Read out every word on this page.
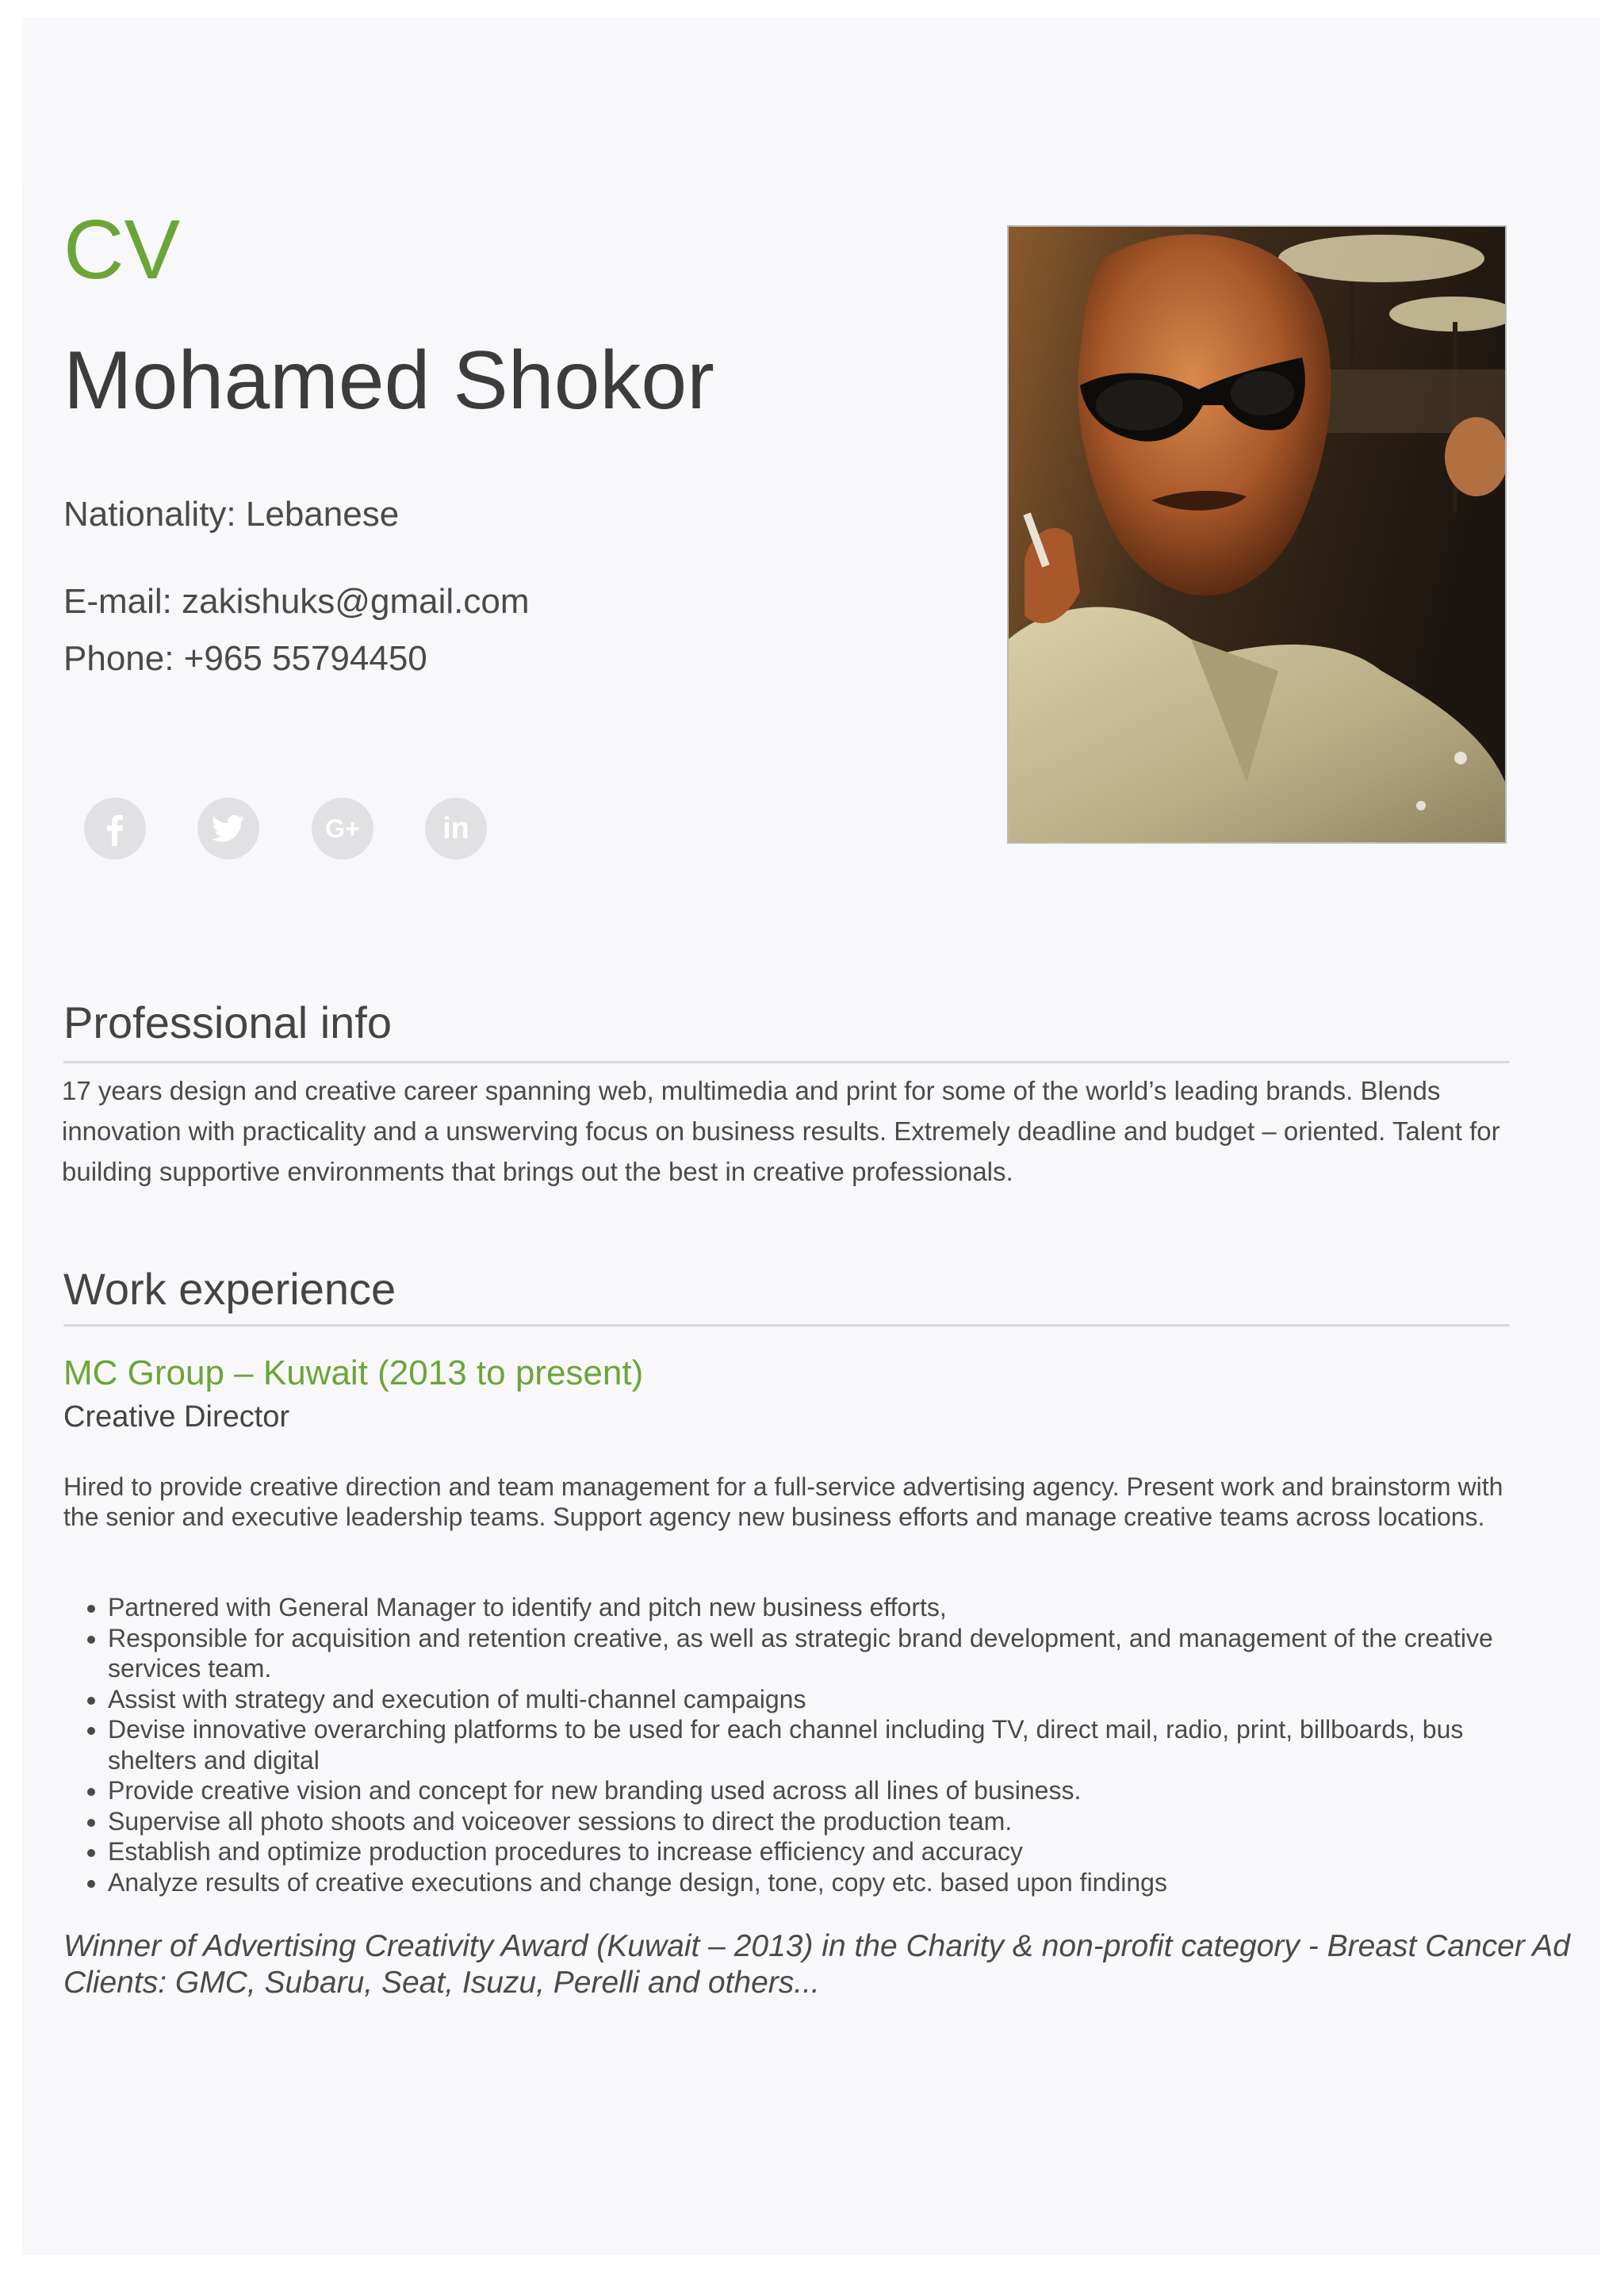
CV
Mohamed Shokor
Nationality: Lebanese
E-mail: zakishuks@gmail.com
Phone: +965 55794450
G+	in
Professional info

17 years design and creative career spanning web, multimedia and print for some of the world’s leading brands. Blends innovation with practicality and a unswerving focus on business results. Extremely deadline and budget – oriented. Talent for building supportive environments that brings out the best in creative professionals.

Work experience
MC Group – Kuwait (2013 to present)
Creative Director

Hired to provide creative direction and team management for a full-service advertising agency. Present work and brainstorm with the senior and executive leadership teams. Support agency new business efforts and manage creative teams across locations.

• Partnered with General Manager to identify and pitch new business efforts,
• Responsible for acquisition and retention creative, as well as strategic brand development, and management of the creative services team.
• Assist with strategy and execution of multi-channel campaigns
• Devise innovative overarching platforms to be used for each channel including TV, direct mail, radio, print, billboards, bus shelters and digital
• Provide creative vision and concept for new branding used across all lines of business.
• Supervise all photo shoots and voiceover sessions to direct the production team.
• Establish and optimize production procedures to increase efficiency and accuracy
• Analyze results of creative executions and change design, tone, copy etc. based upon findings

Winner of Advertising Creativity Award (Kuwait – 2013) in the Charity & non-profit category - Breast Cancer Ad
Clients: GMC, Subaru, Seat, Isuzu, Perelli and others...
